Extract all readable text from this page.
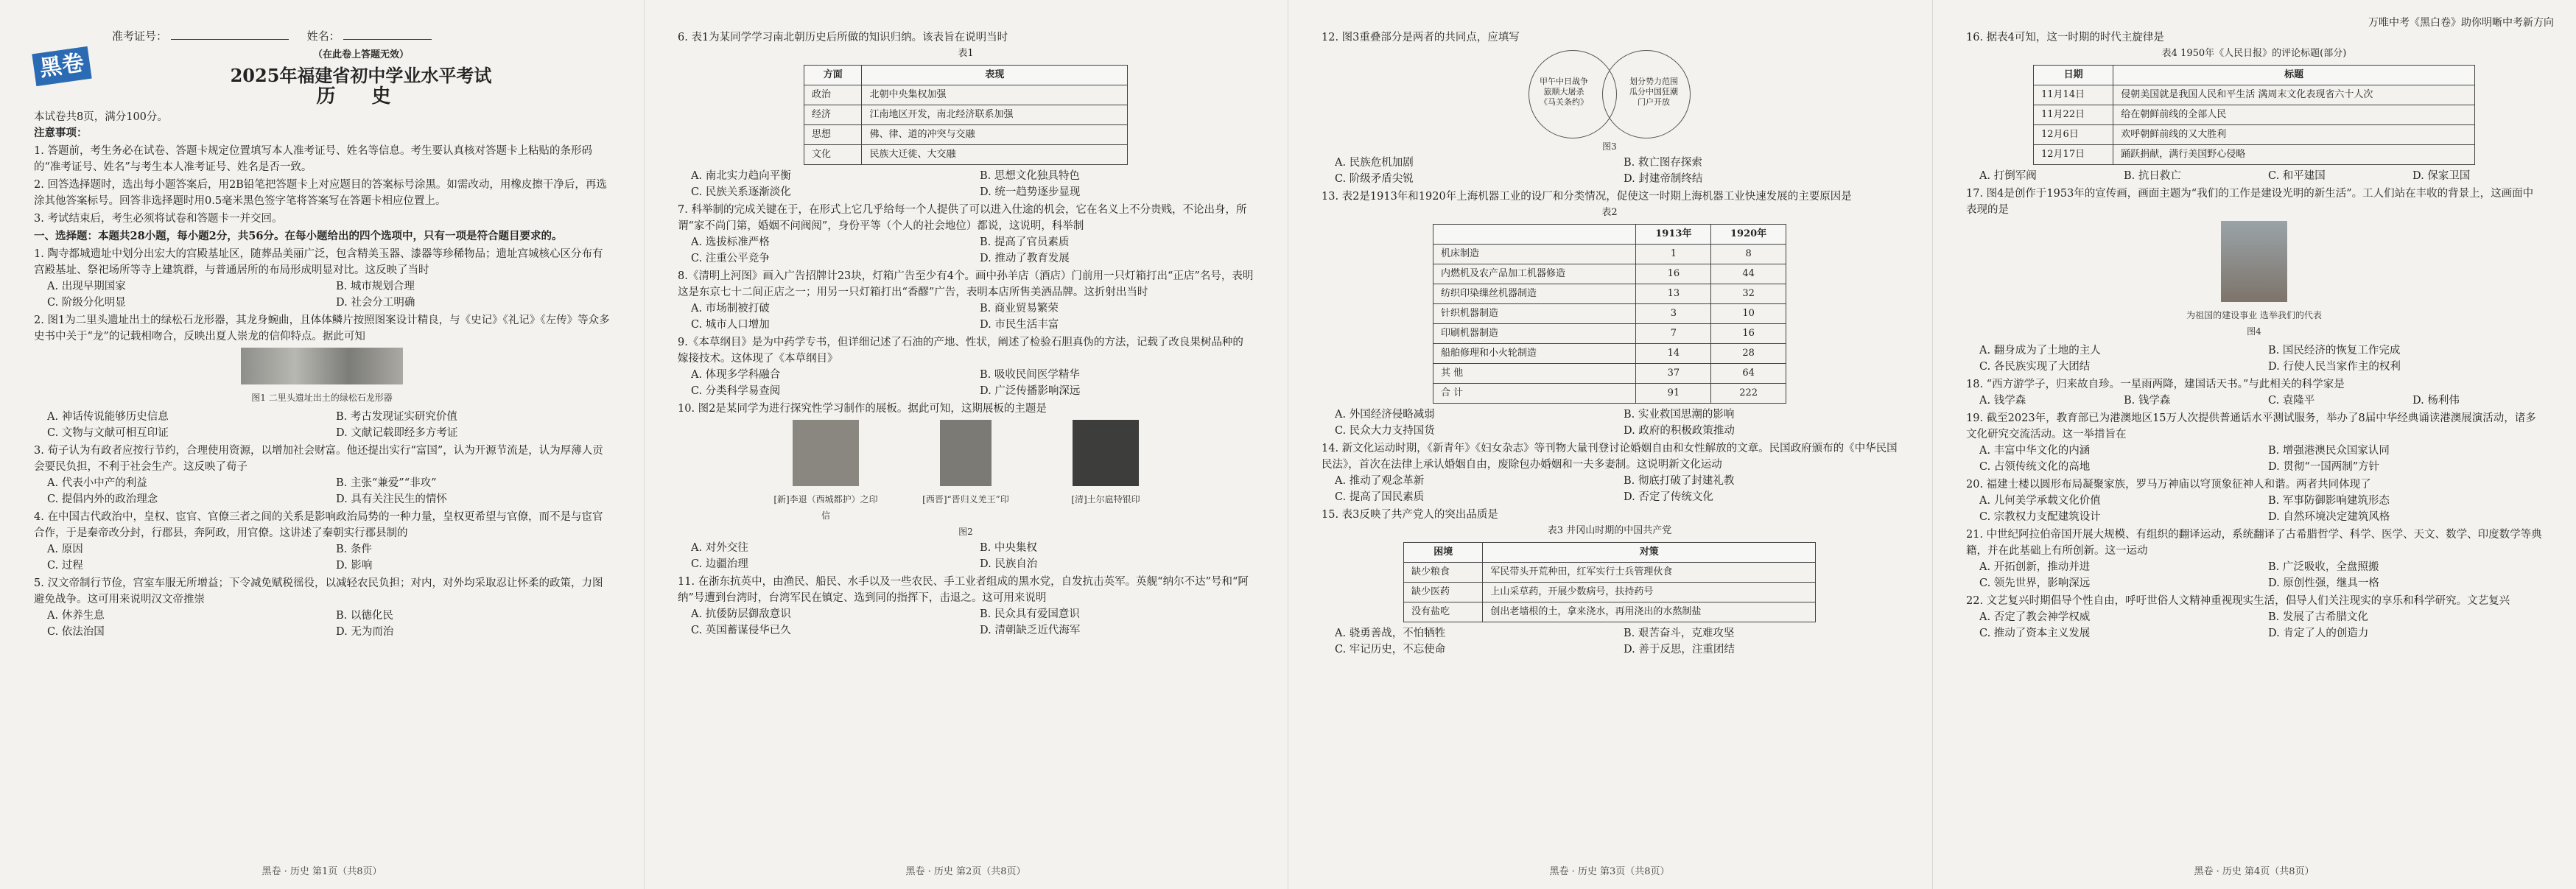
万唯中考《黑白卷》助你明晰中考新方向
黑卷
准考证号：	姓名：
（在此卷上答题无效）
2025年福建省初中学业水平考试
历 史
本试卷共8页，满分100分。
注意事项：
1. 答题前，考生务必在试卷、答题卡规定位置填写本人准考证号、姓名等信息。考生要认真核对答题卡上粘贴的条形码的“准考证号、姓名”与考生本人准考证号、姓名是否一致。
2. 回答选择题时，选出每小题答案后，用2B铅笔把答题卡上对应题目的答案标号涂黑。如需改动，用橡皮擦干净后，再选涂其他答案标号。回答非选择题时用0.5毫米黑色签字笔将答案写在答题卡相应位置上。
3. 考试结束后，考生必须将试卷和答题卡一并交回。
一、选择题：本题共28小题，每小题2分，共56分。在每小题给出的四个选项中，只有一项是符合题目要求的。
1. 陶寺都城遗址中划分出宏大的宫殿基址区，随葬品美丽广泛，包含精美玉器、漆器等珍稀物品；遗址宫城核心区分布有宫殿基址、祭祀场所等寺上建筑群，与普通居所的布局形成明显对比。这反映了当时
A. 出现早期国家	B. 城市规划合理
C. 阶级分化明显	D. 社会分工明确
2. 图1为二里头遗址出土的绿松石龙形器，其龙身蜿曲，且体体鳞片按照图案设计精良，与《史记》《礼记》《左传》等众多史书中关于“龙”的记载相吻合，反映出夏人崇龙的信仰特点。据此可知
图1 二里头遗址出土的绿松石龙形器
A. 神话传说能够历史信息	B. 考古发现证实研究价值
C. 文物与文献可相互印证	D. 文献记载即经多方考证
3. 荀子认为有政者应按行节约，合理使用资源，以增加社会财富。他还提出实行“富国”，认为开源节流是，认为厚薄人贡会要民负担，不利于社会生产。这反映了荀子
A. 代表小中产的利益	B. 主张“兼爱”“非攻”
C. 提倡内外的政治理念	D. 具有关注民生的情怀
4. 在中国古代政治中，皇权、宦官、官僚三者之间的关系是影响政治局势的一种力量，皇权更希望与官僚，而不是与宦官合作，于是秦帝改分封，行郡县，奔阿政，用官僚。这讲述了秦朝实行郡县制的
A. 原因	B. 条件
C. 过程	D. 影响
5. 汉文帝制行节俭，宫室车服无所增益；下令减免赋税徭役，以减轻农民负担；对内，对外均采取忍让怀柔的政策，力图避免战争。这可用来说明汉文帝推崇
A. 休养生息	B. 以德化民
C. 依法治国	D. 无为而治
黑卷 · 历史 第1页（共8页）
6. 表1为某同学学习南北朝历史后所做的知识归纳。该表旨在说明当时
表1
方面	表现
政治	北朝中央集权加强
经济	江南地区开发，南北经济联系加强
思想	佛、律、道的冲突与交融
文化	民族大迁徙、大交融
A. 南北实力趋向平衡	B. 思想文化独具特色
C. 民族关系逐渐淡化	D. 统一趋势逐步显现
7. 科举制的完成关键在于，在形式上它几乎给每一个人提供了可以进入仕途的机会，它在名义上不分贵贱，不论出身，所谓“家不尚门第，婚姻不问阀阅”，身份平等（个人的社会地位）都说，这说明，科举制
A. 选拔标准严格	B. 提高了官员素质
C. 注重公平竞争	D. 推动了教育发展
8.《清明上河图》画入广告招牌计23块，灯箱广告至少有4个。画中孙羊店（酒店）门前用一只灯箱打出“正店”名号，表明这是东京七十二间正店之一；用另一只灯箱打出“香醪”广告，表明本店所售美酒品牌。这折射出当时
A. 市场制被打破	B. 商业贸易繁荣
C. 城市人口增加	D. 市民生活丰富
9.《本草纲目》是为中药学专书，但详细记述了石油的产地、性状，阐述了检验石胆真伪的方法，记载了改良果树品种的嫁接技术。这体现了《本草纲目》
A. 体现多学科融合	B. 吸收民间医学精华
C. 分类科学易查阅	D. 广泛传播影响深远
10. 图2是某同学为进行探究性学习制作的展板。据此可知，这期展板的主题是
[新]李退（西城都护）之印信
[西晋]“晋归义羌王”印	[清]土尔扈特银印
图2
A. 对外交往	B. 中央集权
C. 边疆治理	D. 民族自治
11. 在浙东抗英中，由渔民、船民、水手以及一些农民、手工业者组成的黑水党，自发抗击英军。英舰“纳尔不达”号和“阿纳”号遭到台湾时，台湾军民在镇定、选到同的指挥下，击退之。这可用来说明
A. 抗倭防层御敌意识	B. 民众具有爱国意识
C. 英国蓄谋侵华已久	D. 清朝缺乏近代海军
黑卷 · 历史 第2页（共8页）
12. 图3重叠部分是两者的共同点，应填写
甲午中日战争 旅顺大屠杀 《马关条约》
划分势力范围 瓜分中国狂潮 门户开放
图3
A. 民族危机加剧	B. 救亡图存探索
C. 阶级矛盾尖锐	D. 封建帝制终结
13. 表2是1913年和1920年上海机器工业的设厂和分类情况，促使这一时期上海机器工业快速发展的主要原因是
表2
	1913年	1920年
机床制造	1	8
内燃机及农产品加工机器修造	16	44
纺织印染缫丝机器制造	13	32
针织机器制造	3	10
印刷机器制造	7	16
船舶修理和小火轮制造	14	28
其 他	37	64
合 计	91	222
A. 外国经济侵略减弱	B. 实业救国思潮的影响
C. 民众大力支持国货	D. 政府的积极政策推动
14. 新文化运动时期，《新青年》《妇女杂志》等刊物大量刊登讨论婚姻自由和女性解放的文章。民国政府颁布的《中华民国民法》，首次在法律上承认婚姻自由，废除包办婚姻和一夫多妻制。这说明新文化运动
A. 推动了观念革新	B. 彻底打破了封建礼教
C. 提高了国民素质	D. 否定了传统文化
15. 表3反映了共产党人的突出品质是
表3 井冈山时期的中国共产党
困境	对策
缺少粮食	军民带头开荒种田，红军实行士兵管理伙食
缺少医药	上山采草药，开展少数病号，扶持药号
没有盐吃	创出老墙根的土，拿来浇水，再用浇出的水熬制盐
A. 骁勇善战，不怕牺牲	B. 艰苦奋斗，克难攻坚
C. 牢记历史，不忘使命	D. 善于反思，注重团结
黑卷 · 历史 第3页（共8页）
16. 据表4可知，这一时期的时代主旋律是
表4 1950年《人民日报》的评论标题(部分)
日期	标题
11月14日	侵朝美国就是我国人民和平生活 满周末文化表现省六十人次
11月22日	给在朝鲜前线的全部人民
12月6日	欢呼朝鲜前线的又大胜利
12月17日	踊跃捐献，满行美国野心侵略
A. 打倒军阀	B. 抗日救亡	C. 和平建国	D. 保家卫国
17. 图4是创作于1953年的宣传画，画面主题为“我们的工作是建设光明的新生活”。工人们站在丰收的背景上，这画面中表现的是
为祖国的建设事业 选举我们的代表
图4
A. 翻身成为了土地的主人	B. 国民经济的恢复工作完成
C. 各民族实现了大团结	D. 行使人民当家作主的权利
18. “西方游学子，归来故自珍。一星雨两降，建国话天书。”与此相关的科学家是
A. 钱学森	B. 钱学森	C. 袁隆平	D. 杨利伟
19. 截至2023年，教育部已为港澳地区15万人次提供普通话水平测试服务，举办了8届中华经典诵读港澳展演活动，诸多文化研究交流活动。这一举措旨在
A. 丰富中华文化的内涵	B. 增强港澳民众国家认同
C. 占领传统文化的高地	D. 贯彻“一国两制”方针
20. 福建士楼以圆形布局凝聚家族，罗马万神庙以穹顶象征神人和谐。两者共同体现了
A. 儿何美学承载文化价值	B. 军事防御影响建筑形态
C. 宗教权力支配建筑设计	D. 自然环境决定建筑风格
21. 中世纪阿拉伯帝国开展大规模、有组织的翻译运动，系统翻译了古希腊哲学、科学、医学、天文、数学、印度数学等典籍，并在此基础上有所创新。这一运动
A. 开拓创新，推动并进	B. 广泛吸收，全盘照搬
C. 领先世界，影响深远	D. 原创性强，继具一格
22. 文艺复兴时期倡导个性自由，呼吁世俗人文精神重视现实生活，倡导人们关注现实的享乐和科学研究。文艺复兴
A. 否定了教会神学权威	B. 发展了古希腊文化
C. 推动了资本主义发展	D. 肯定了人的创造力
黑卷 · 历史 第4页（共8页）
